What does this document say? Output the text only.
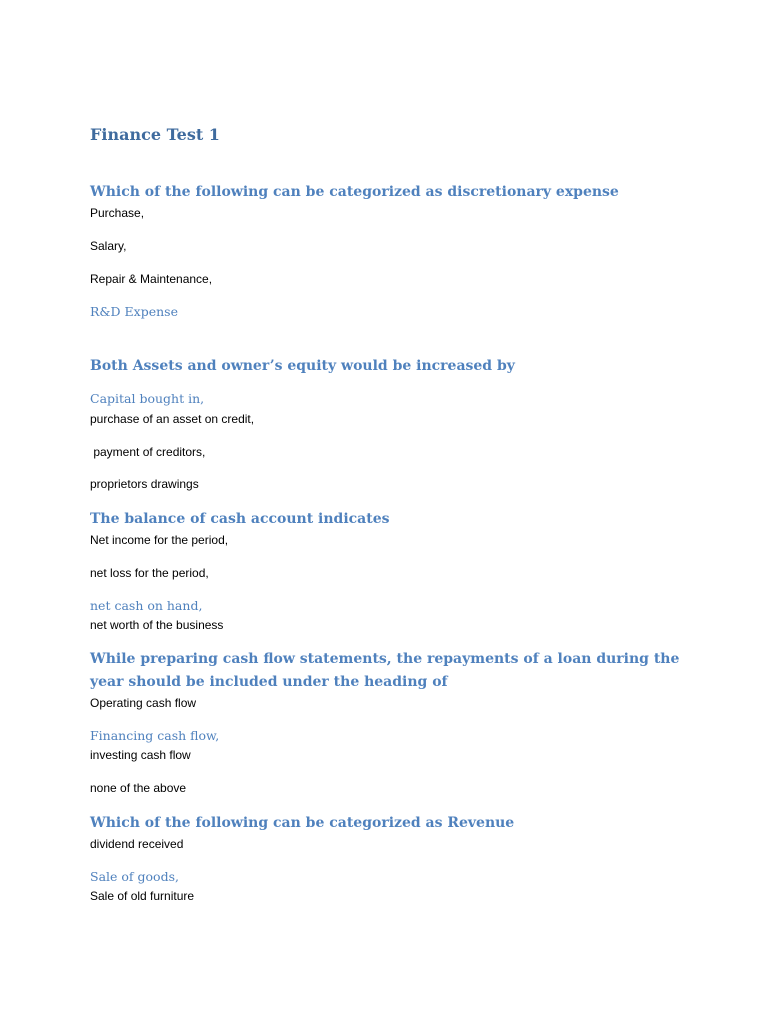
Finance Test 1

Which of the following can be categorized as discretionary expense

Purchase,

Salary,

Repair & Maintenance,

R&D Expense

Both Assets and owner’s equity would be increased by

Capital bought in,

purchase of an asset on credit,

payment of creditors,

proprietors drawings

The balance of cash account indicates

Net income for the period,

net loss for the period,

net cash on hand,

net worth of the business

While preparing cash flow statements, the repayments of a loan during the

year should be included under the heading of

Operating cash flow

Financing cash flow,

investing cash flow

none of the above

Which of the following can be categorized as Revenue

dividend received

Sale of goods,

Sale of old furniture
